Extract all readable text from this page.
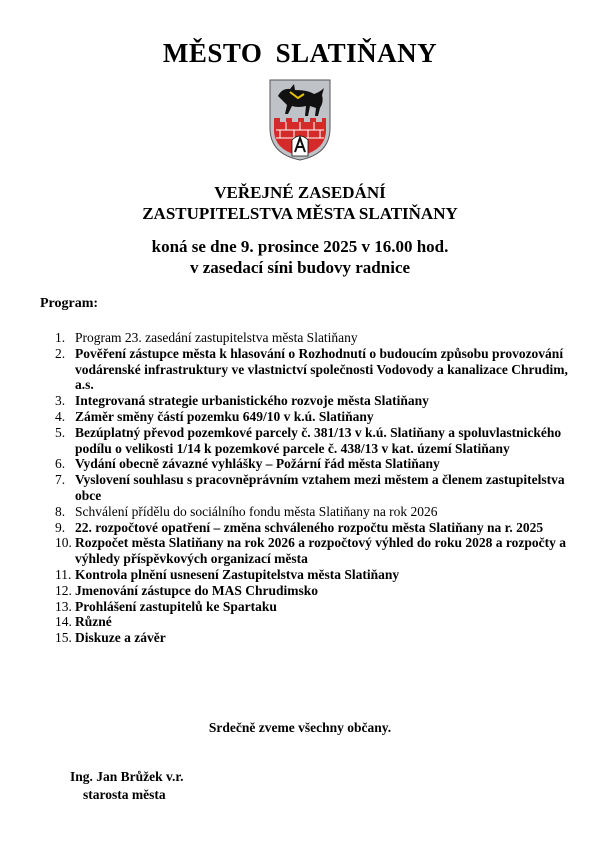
MĚSTO SLATIŇANY
VEŘEJNÉ ZASEDÁNÍ
ZASTUPITELSTVA MĚSTA SLATIŇANY
koná se dne 9. prosince 2025 v 16.00 hod.
v zasedací síni budovy radnice
Program:
1. Program 23. zasedání zastupitelstva města Slatiňany
2. Pověření zástupce města k hlasování o Rozhodnutí o budoucím způsobu provozování vodárenské infrastruktury ve vlastnictví společnosti Vodovody a kanalizace Chrudim, a.s.
3. Integrovaná strategie urbanistického rozvoje města Slatiňany
4. Záměr směny částí pozemku 649/10 v k.ú. Slatiňany
5. Bezúplatný převod pozemkové parcely č. 381/13 v k.ú. Slatiňany a spoluvlastnického podílu o velikosti 1/14 k pozemkové parcele č. 438/13 v kat. území Slatiňany
6. Vydání obecně závazné vyhlášky – Požární řád města Slatiňany
7. Vyslovení souhlasu s pracovněprávním vztahem mezi městem a členem zastupitelstva obce
8. Schválení přídělu do sociálního fondu města Slatiňany na rok 2026
9. 22. rozpočtové opatření – změna schváleného rozpočtu města Slatiňany na r. 2025
10. Rozpočet města Slatiňany na rok 2026 a rozpočtový výhled do roku 2028 a rozpočty a výhledy příspěvkových organizací města
11. Kontrola plnění usnesení Zastupitelstva města Slatiňany
12. Jmenování zástupce do MAS Chrudimsko
13. Prohlášení zastupitelů ke Spartaku
14. Různé
15. Diskuze a závěr
Srdečně zveme všechny občany.
Ing. Jan Brůžek v.r.
starosta města
